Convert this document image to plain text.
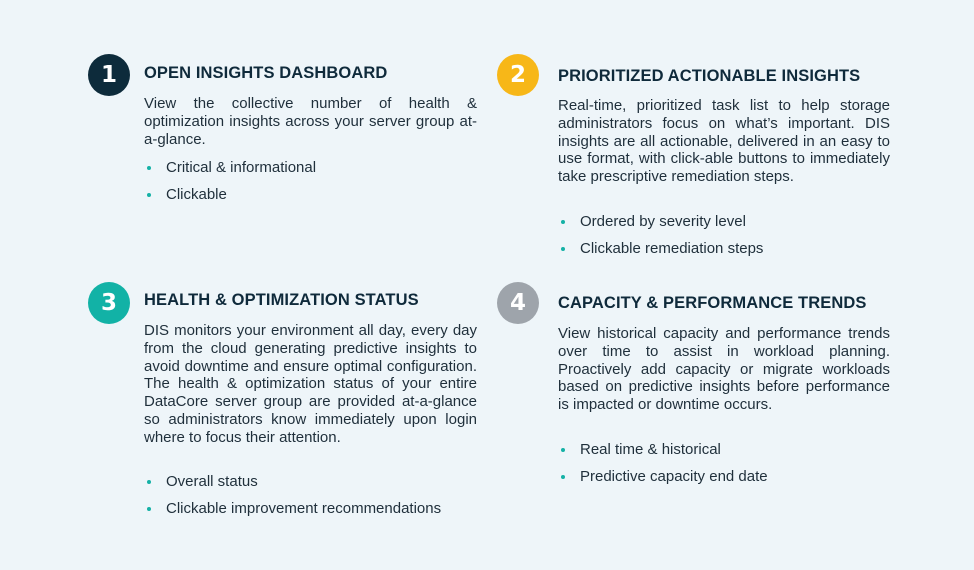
1	OPEN INSIGHTS DASHBOARD

View the collective number of health & optimization insights across your server group at-a-glance.

Critical & informational
Clickable
2	PRIORITIZED ACTIONABLE INSIGHTS

Real-time, prioritized task list to help storage administrators focus on what’s important. DIS insights are all actionable, delivered in an easy to use format, with click-able buttons to immediately take prescriptive remediation steps.

Ordered by severity level
Clickable remediation steps
3	HEALTH & OPTIMIZATION STATUS

DIS monitors your environment all day, every day from the cloud generating predictive insights to avoid downtime and ensure optimal configuration. The health & optimization status of your entire DataCore server group are provided at-a-glance so administrators know immediately upon login where to focus their attention.

Overall status
Clickable improvement recommendations
4	CAPACITY & PERFORMANCE TRENDS

View historical capacity and performance trends over time to assist in workload planning. Proactively add capacity or migrate workloads based on predictive insights before performance is impacted or downtime occurs.

Real time & historical
Predictive capacity end date
